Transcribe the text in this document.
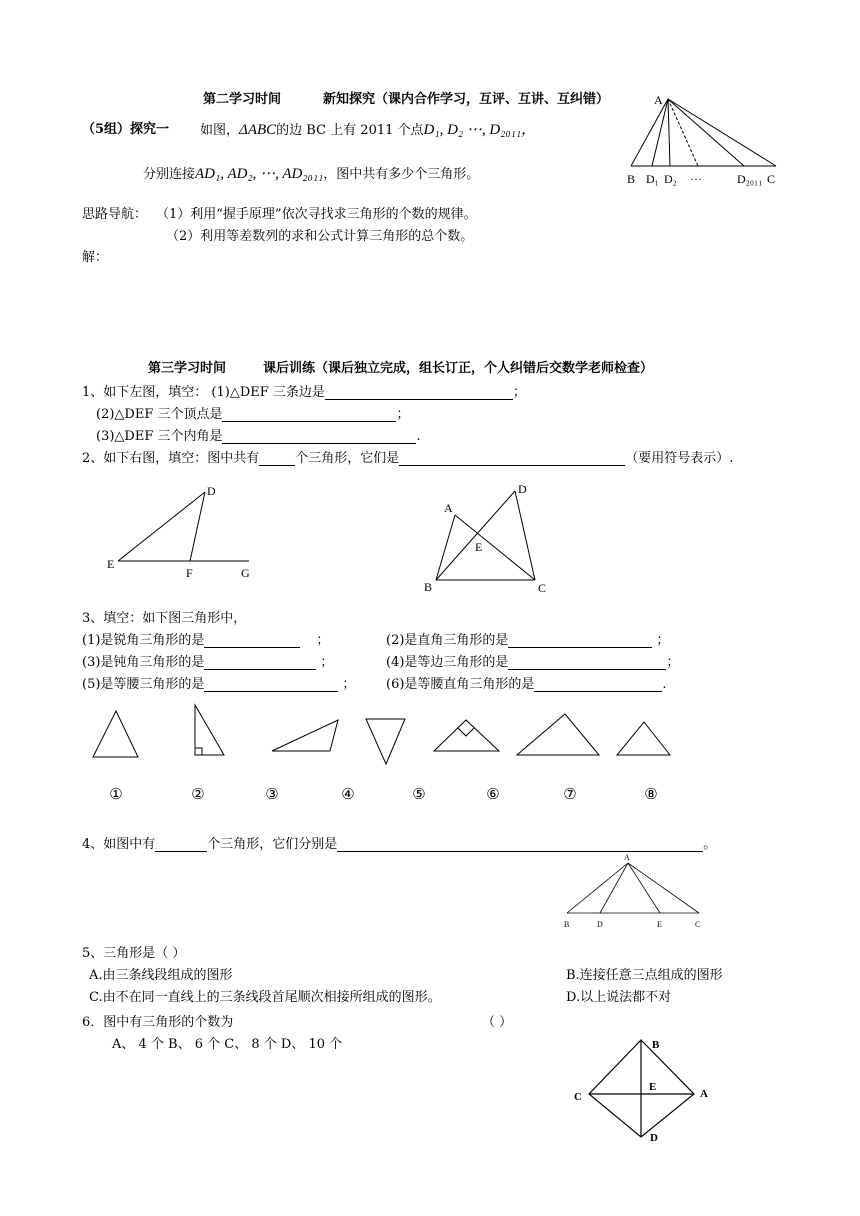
第二学习时间	新知探究（课内合作学习，互评、互讲、互纠错）
（5组）探究一 如图，ΔABC的边 BC 上有 2011 个点D₁, D₂ ⋯, D₂₀₁₁，
分别连接AD₁, AD₂, ⋯, AD₂₀₁₁，图中共有多少个三角形。
思路导航： （1）利用“握手原理”依次寻找求三角形的个数的规律。
（2）利用等差数列的求和公式计算三角形的总个数。
解：
A
B D₁ D₂ ···	D₂₀₁₁ C
第三学习时间	课后训练（课后独立完成，组长订正，个人纠错后交数学老师检查）
1、如下左图，填空： (1)△DEF 三条边是	；
(2)△DEF 三个顶点是	；
(3)△DEF 三个内角是	.
2、如下右图，填空：图中共有	个三角形，它们是	（要用符号表示）.
D
E
F	G
A
D
E
B	C
3、填空：如下图三角形中，
(1)是锐角三角形的是	；	(2)是直角三角形的是	；
(3)是钝角三角形的是	；	(4)是等边三角形的是	；
(5)是等腰三角形的是	； (6)是等腰直角三角形的是	.
①	②	③	④	⑤	⑥	⑦	⑧
4、如图中有	个三角形，它们分别是	。
A
B	D	E	C
5、三角形是（ ）
A.由三条线段组成的图形	B.连接任意三点组成的图形
C.由不在同一直线上的三条线段首尾顺次相接所组成的图形。	D.以上说法都不对
6．图中有三角形的个数为	（ ）
A、 4 个 B、 6 个 C、 8 个 D、 10 个	B
E
A
C
D
